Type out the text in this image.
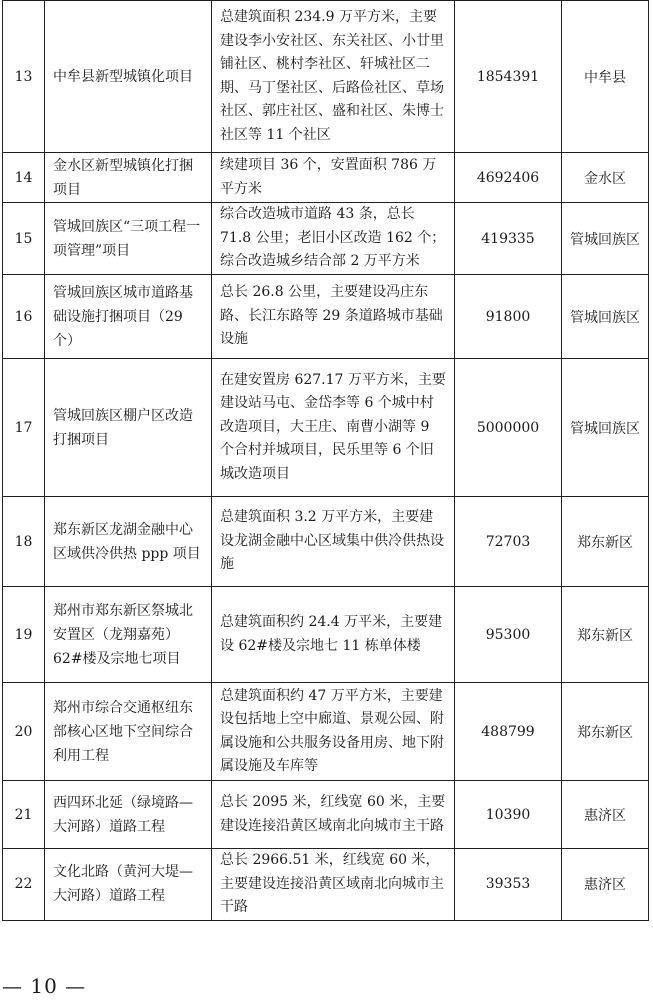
13	中牟县新型城镇化项目	总建筑面积 234.9 万平方米，主要建设李小安社区、东关社区、小廿里铺社区、桃村李社区、轩城社区二期、马丁堡社区、后路俭社区、草场社区、郭庄社区、盛和社区、朱博士社区等 11 个社区	1854391	中牟县
14	金水区新型城镇化打捆项目	续建项目 36 个，安置面积 786 万平方米	4692406	金水区
15	管城回族区“三项工程一项管理”项目	综合改造城市道路 43 条，总长 71.8 公里；老旧小区改造 162 个；综合改造城乡结合部 2 万平方米	419335	管城回族区
16	管城回族区城市道路基础设施打捆项目（29 个）	总长 26.8 公里，主要建设冯庄东路、长江东路等 29 条道路城市基础设施	91800	管城回族区
17	管城回族区棚户区改造打捆项目	在建安置房 627.17 万平方米，主要建设站马屯、金岱李等 6 个城中村改造项目，大王庄、南曹小湖等 9 个合村并城项目，民乐里等 6 个旧城改造项目	5000000	管城回族区
18	郑东新区龙湖金融中心区域供冷供热 ppp 项目	总建筑面积 3.2 万平方米，主要建设龙湖金融中心区域集中供冷供热设施	72703	郑东新区
19	郑州市郑东新区祭城北安置区（龙翔嘉苑）62#楼及宗地七项目	总建筑面积约 24.4 万平米，主要建设 62#楼及宗地七 11 栋单体楼	95300	郑东新区
20	郑州市综合交通枢纽东部核心区地下空间综合利用工程	总建筑面积约 47 万平方米，主要建设包括地上空中廊道、景观公园、附属设施和公共服务设备用房、地下附属设施及车库等	488799	郑东新区
21	西四环北延（绿境路—大河路）道路工程	总长 2095 米，红线宽 60 米，主要建设连接沿黄区域南北向城市主干路	10390	惠济区
22	文化北路（黄河大堤—大河路）道路工程	总长 2966.51 米，红线宽 60 米，主要建设连接沿黄区域南北向城市主干路	39353	惠济区
— 10 —
